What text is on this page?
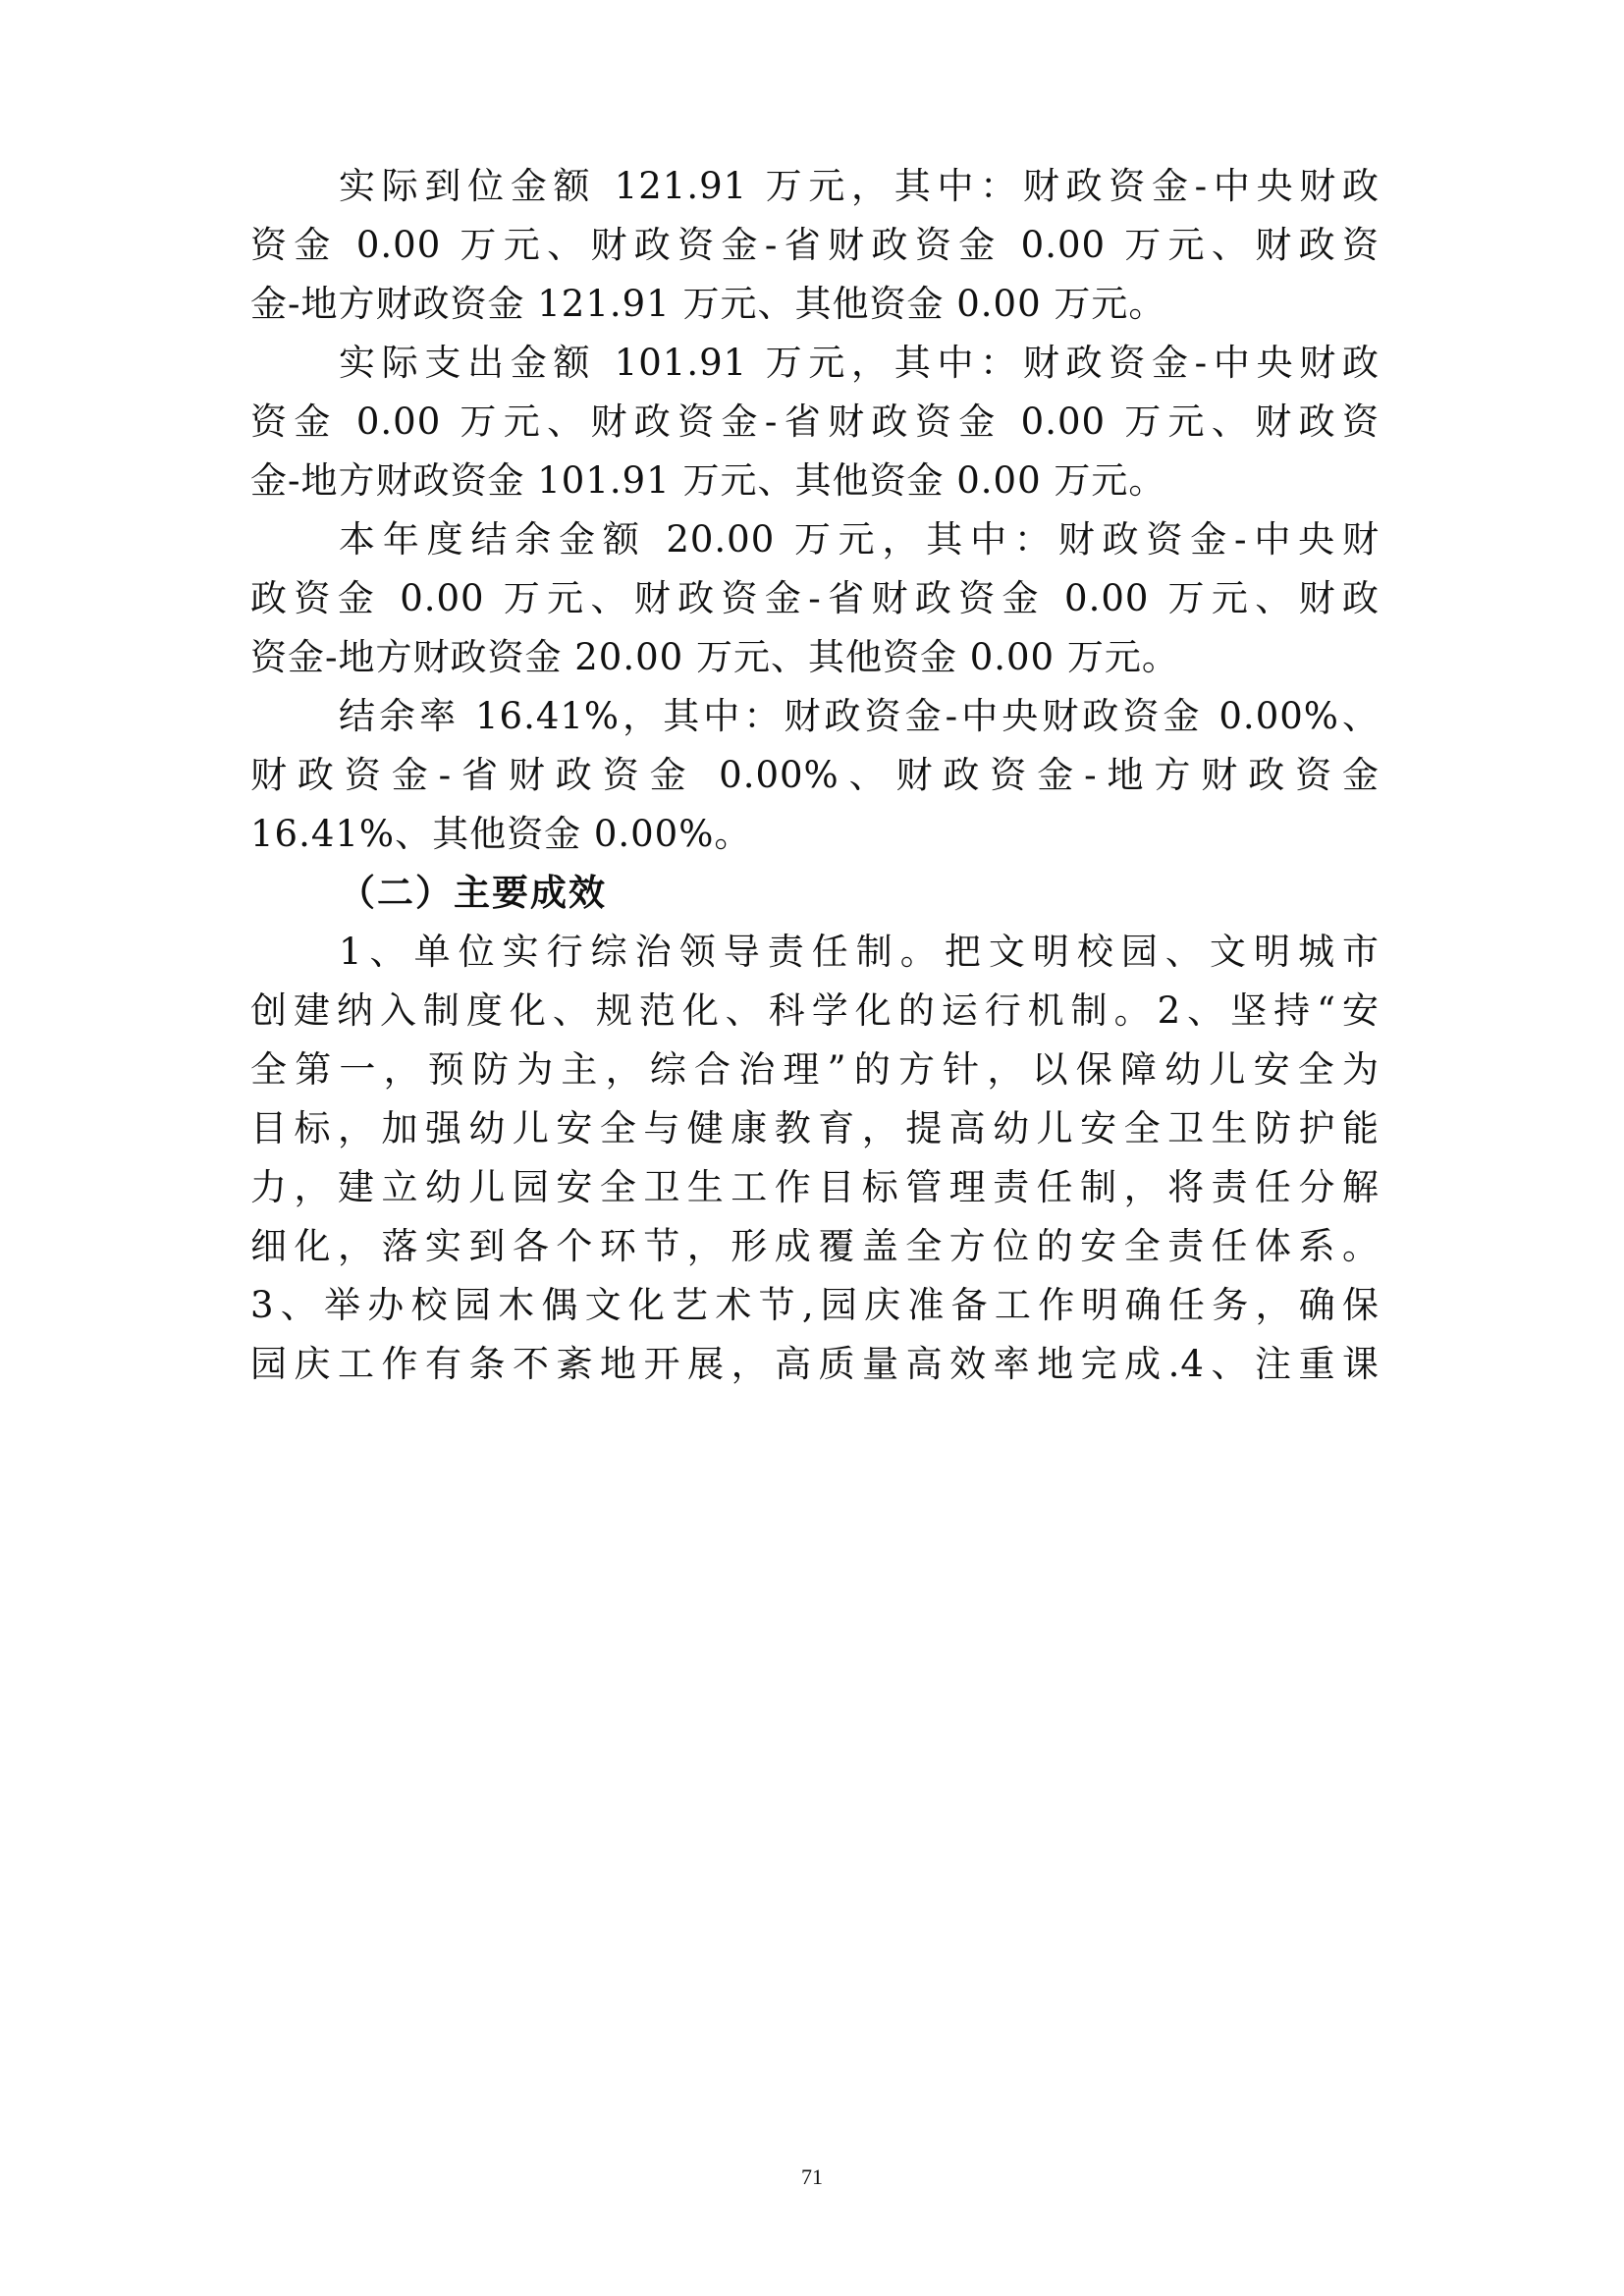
实际到位金额 121.91 万元，其中：财政资金-中央财政
资金 0.00 万元、财政资金-省财政资金 0.00 万元、财政资
金-地方财政资金 121.91 万元、其他资金 0.00 万元。
实际支出金额 101.91 万元，其中：财政资金-中央财政
资金 0.00 万元、财政资金-省财政资金 0.00 万元、财政资
金-地方财政资金 101.91 万元、其他资金 0.00 万元。
本年度结余金额 20.00 万元，其中：财政资金-中央财
政资金 0.00 万元、财政资金-省财政资金 0.00 万元、财政
资金-地方财政资金 20.00 万元、其他资金 0.00 万元。
结余率 16.41%，其中：财政资金-中央财政资金 0.00%、
财政资金-省财政资金 0.00%、财政资金-地方财政资金
16.41%、其他资金 0.00%。
（二）主要成效
1、单位实行综治领导责任制。把文明校园、文明城市
创建纳入制度化、规范化、科学化的运行机制。2、坚持“安
全第一，预防为主，综合治理”的方针，以保障幼儿安全为
目标，加强幼儿安全与健康教育，提高幼儿安全卫生防护能
力，建立幼儿园安全卫生工作目标管理责任制，将责任分解
细化，落实到各个环节，形成覆盖全方位的安全责任体系。
3、举办校园木偶文化艺术节,园庆准备工作明确任务，确保
园庆工作有条不紊地开展，高质量高效率地完成.4、注重课
71
